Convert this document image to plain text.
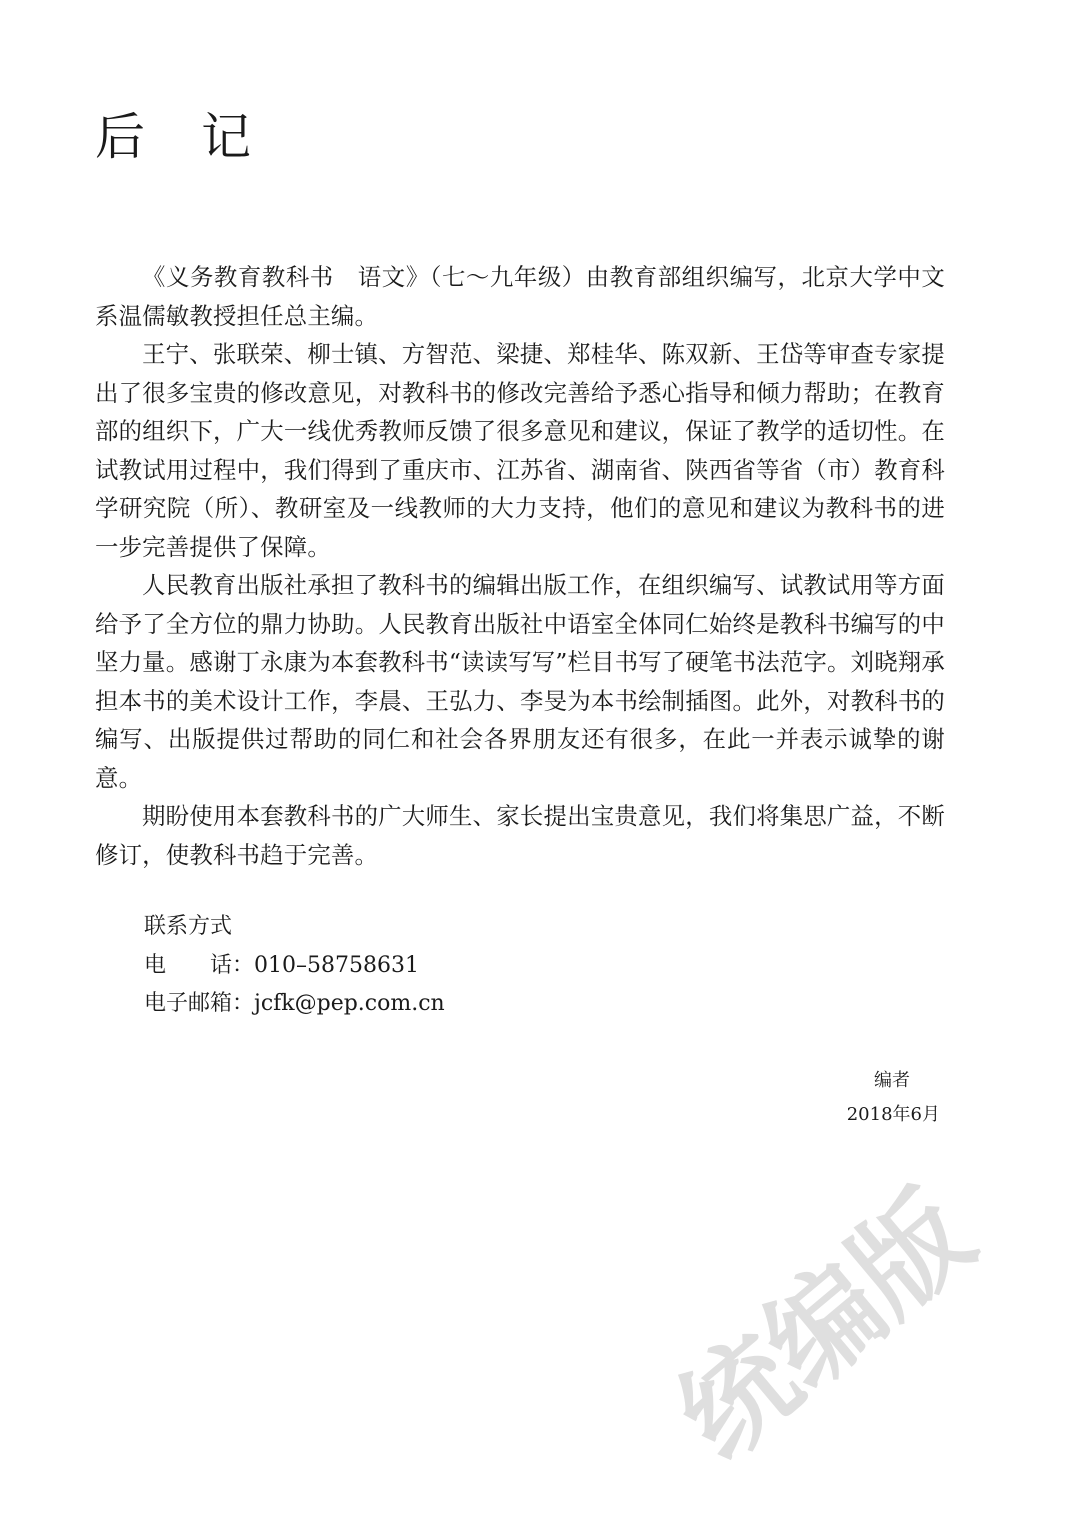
后记

《义务教育教科书　语文》（七～九年级）由教育部组织编写，北京大学中文系温儒敏教授担任总主编。

王宁、张联荣、柳士镇、方智范、梁捷、郑桂华、陈双新、王岱等审查专家提出了很多宝贵的修改意见，对教科书的修改完善给予悉心指导和倾力帮助；在教育部的组织下，广大一线优秀教师反馈了很多意见和建议，保证了教学的适切性。在试教试用过程中，我们得到了重庆市、江苏省、湖南省、陕西省等省（市）教育科学研究院（所）、教研室及一线教师的大力支持，他们的意见和建议为教科书的进一步完善提供了保障。

人民教育出版社承担了教科书的编辑出版工作，在组织编写、试教试用等方面给予了全方位的鼎力协助。人民教育出版社中语室全体同仁始终是教科书编写的中坚力量。感谢丁永康为本套教科书“读读写写”栏目书写了硬笔书法范字。刘晓翔承担本书的美术设计工作，李晨、王弘力、李旻为本书绘制插图。此外，对教科书的编写、出版提供过帮助的同仁和社会各界朋友还有很多，在此一并表示诚挚的谢意。

期盼使用本套教科书的广大师生、家长提出宝贵意见，我们将集思广益，不断修订，使教科书趋于完善。

联系方式
电　　话：010–58758631
电子邮箱：jcfk@pep.com.cn
编者
2018年6月
统编版
